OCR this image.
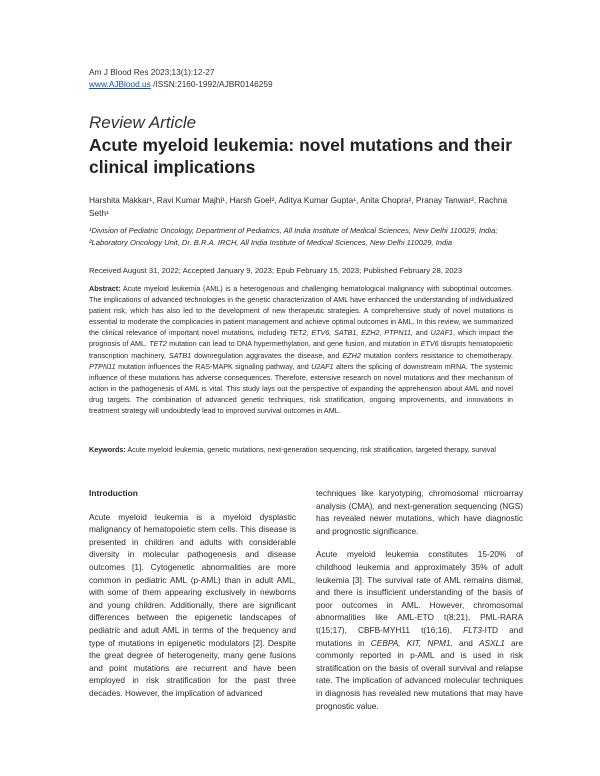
Am J Blood Res 2023;13(1):12-27
www.AJBlood.us /ISSN:2160-1992/AJBR0146259
Review Article
Acute myeloid leukemia: novel mutations and their clinical implications
Harshita Makkar¹, Ravi Kumar Majhi¹, Harsh Goel², Aditya Kumar Gupta¹, Anita Chopra², Pranay Tanwar², Rachna Seth¹
¹Division of Pediatric Oncology, Department of Pediatrics, All India Institute of Medical Sciences, New Delhi 110029, India; ²Laboratory Oncology Unit, Dr. B.R.A. IRCH, All India Institute of Medical Sciences, New Delhi 110029, India
Received August 31, 2022; Accepted January 9, 2023; Epub February 15, 2023; Published February 28, 2023
Abstract: Acute myeloid leukemia (AML) is a heterogenous and challenging hematological malignancy with suboptimal outcomes. The implications of advanced technologies in the genetic characterization of AML have enhanced the understanding of individualized patient risk, which has also led to the development of new therapeutic strategies. A comprehensive study of novel mutations is essential to moderate the complicacies in patient management and achieve optimal outcomes in AML. In this review, we summarized the clinical relevance of important novel mutations, including TET2, ETV6, SATB1, EZH2, PTPN11, and U2AF1, which impact the prognosis of AML. TET2 mutation can lead to DNA hypermethylation, and gene fusion, and mutation in ETV6 disrupts hematopoietic transcription machinery, SATB1 downregulation aggravates the disease, and EZH2 mutation confers resistance to chemotherapy. PTPN11 mutation influences the RAS-MAPK signaling pathway, and U2AF1 alters the splicing of downstream mRNA. The systemic influence of these mutations has adverse consequences. Therefore, extensive research on novel mutations and their mechanism of action in the pathogenesis of AML is vital. This study lays out the perspective of expanding the apprehension about AML and novel drug targets. The combination of advanced genetic techniques, risk stratification, ongoing improvements, and innovations in treatment strategy will undoubtedly lead to improved survival outcomes in AML.
Keywords: Acute myeloid leukemia, genetic mutations, next-generation sequencing, risk stratification, targeted therapy, survival
Introduction

Acute myeloid leukemia is a myeloid dysplastic malignancy of hematopoietic stem cells. This disease is presented in children and adults with considerable diversity in molecular pathogenesis and disease outcomes [1]. Cytogenetic abnormalities are more common in pediatric AML (p-AML) than in adult AML, with some of them appearing exclusively in newborns and young children. Additionally, there are significant differences between the epigenetic landscapes of pediatric and adult AML in terms of the frequency and type of mutations in epigenetic modulators [2]. Despite the great degree of heterogeneity, many gene fusions and point mutations are recurrent and have been employed in risk stratification for the past three decades. However, the implication of advanced

techniques like karyotyping, chromosomal microarray analysis (CMA), and next-generation sequencing (NGS) has revealed newer mutations, which have diagnostic and prognostic significance.

Acute myeloid leukemia constitutes 15-20% of childhood leukemia and approximately 35% of adult leukemia [3]. The survival rate of AML remains dismal, and there is insufficient understanding of the basis of poor outcomes in AML. However, chromosomal abnormalities like AML-ETO t(8;21), PML-RARA t(15;17), CBFB-MYH11 t(16;16), FLT3-ITD and mutations in CEBPA, KIT, NPM1, and ASXL1 are commonly reported in p-AML and is used in risk stratification on the basis of overall survival and relapse rate. The implication of advanced molecular techniques in diagnosis has revealed new mutations that may have prognostic value.
